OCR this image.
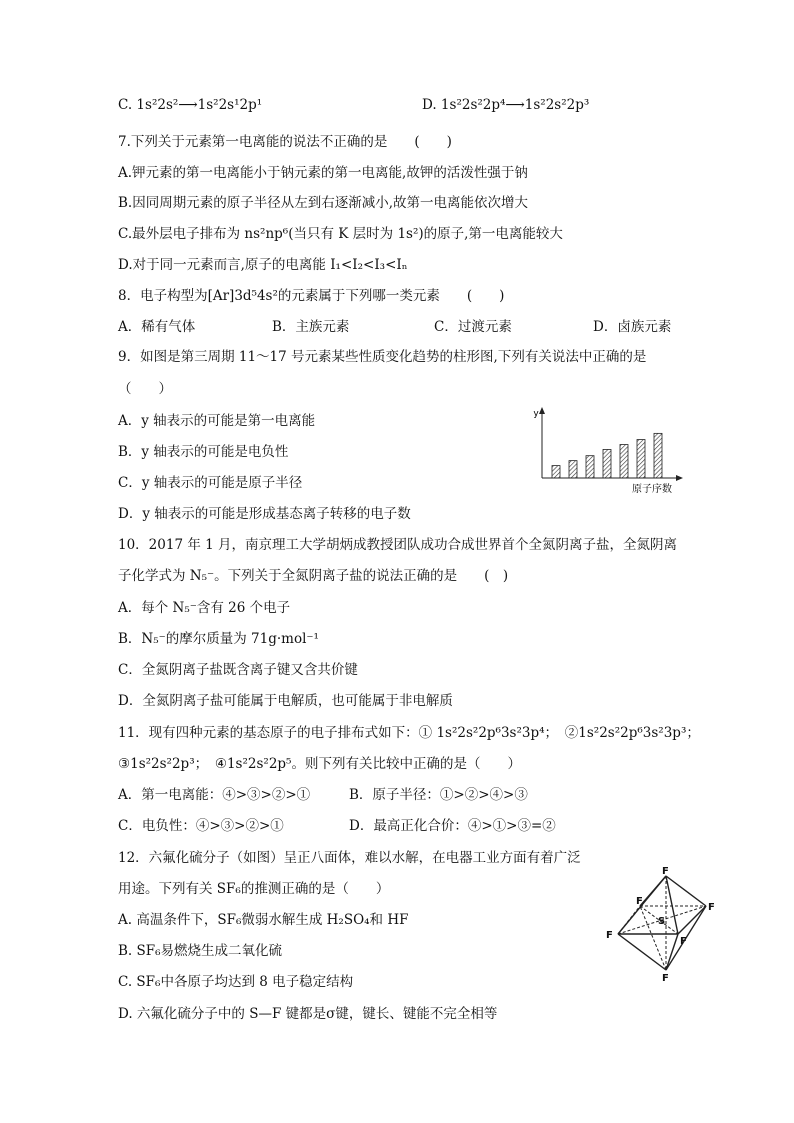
C. 1s²2s²⟶1s²2s¹2p¹	D. 1s²2s²2p⁴⟶1s²2s²2p³
7.下列关于元素第一电离能的说法不正确的是　　(　　)
A.钾元素的第一电离能小于钠元素的第一电离能,故钾的活泼性强于钠
B.因同周期元素的原子半径从左到右逐渐减小,故第一电离能依次增大
C.最外层电子排布为 ns²np⁶(当只有 K 层时为 1s²)的原子,第一电离能较大
D.对于同一元素而言,原子的电离能 I₁<I₂<I₃<Iₙ
8．电子构型为[Ar]3d⁵4s²的元素属于下列哪一类元素　　(　　)
A．稀有气体	B．主族元素	C．过渡元素	D．卤族元素
9．如图是第三周期 11～17 号元素某些性质变化趋势的柱形图,下列有关说法中正确的是
（　　）
A．y 轴表示的可能是第一电离能
B．y 轴表示的可能是电负性
C．y 轴表示的可能是原子半径
D．y 轴表示的可能是形成基态离子转移的电子数
y
原子序数
10．2017 年 1 月，南京理工大学胡炳成教授团队成功合成世界首个全氮阴离子盐，全氮阴离
子化学式为 N₅⁻。下列关于全氮阴离子盐的说法正确的是　　(　)
A．每个 N₅⁻含有 26 个电子
B．N₅⁻的摩尔质量为 71g·mol⁻¹
C．全氮阴离子盐既含离子键又含共价键
D．全氮阴离子盐可能属于电解质，也可能属于非电解质
11．现有四种元素的基态原子的电子排布式如下：① 1s²2s²2p⁶3s²3p⁴；　②1s²2s²2p⁶3s²3p³；
③1s²2s²2p³；　④1s²2s²2p⁵。则下列有关比较中正确的是（　　）
A．第一电离能：④>③>②>①	B．原子半径：①>②>④>③
C．电负性：④>③>②>①	D．最高正化合价：④>①>③=②
12．六氟化硫分子（如图）呈正八面体，难以水解，在电器工业方面有着广泛
用途。下列有关 SF₆的推测正确的是（　　）
A. 高温条件下，SF₆微弱水解生成 H₂SO₄和 HF
B. SF₆易燃烧生成二氧化硫
C. SF₆中各原子均达到 8 电子稳定结构
D. 六氟化硫分子中的 S—F 键都是σ键，键长、键能不完全相等
F
F
F
F
F
F
S
